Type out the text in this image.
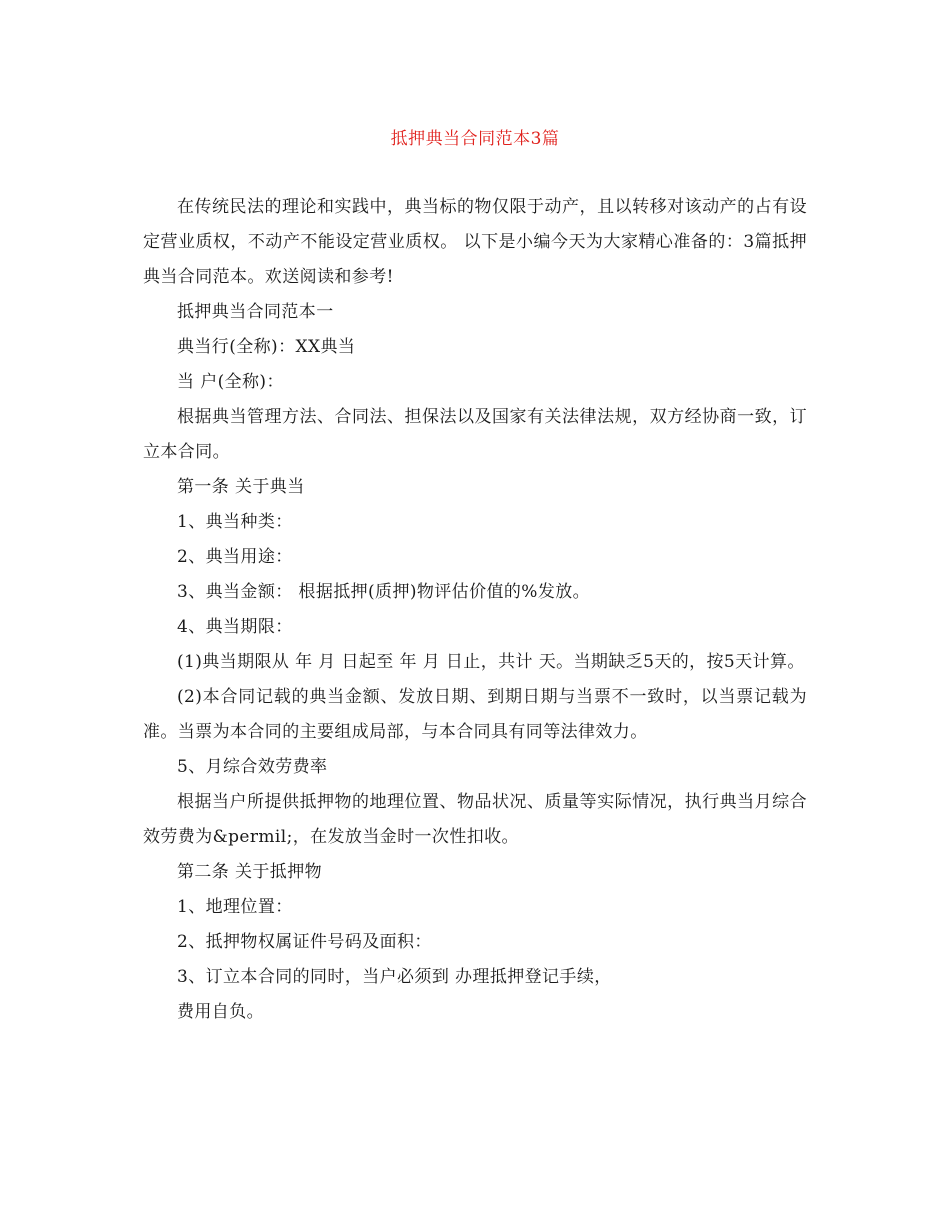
抵押典当合同范本3篇

在传统民法的理论和实践中，典当标的物仅限于动产，且以转移对该动产的占有设定营业质权，不动产不能设定营业质权。 以下是小编今天为大家精心准备的：3篇抵押典当合同范本。欢送阅读和参考!

抵押典当合同范本一

典当行(全称)：XX典当

当 户(全称)：

根据典当管理方法、合同法、担保法以及国家有关法律法规，双方经协商一致，订立本合同。

第一条 关于典当

1、典当种类：

2、典当用途：

3、典当金额： 根据抵押(质押)物评估价值的%发放。

4、典当期限：

(1)典当期限从 年 月 日起至 年 月 日止，共计 天。当期缺乏5天的，按5天计算。

(2)本合同记载的典当金额、发放日期、到期日期与当票不一致时，以当票记载为准。当票为本合同的主要组成局部，与本合同具有同等法律效力。

5、月综合效劳费率

根据当户所提供抵押物的地理位置、物品状况、质量等实际情况，执行典当月综合效劳费为&permil;，在发放当金时一次性扣收。

第二条 关于抵押物

1、地理位置：

2、抵押物权属证件号码及面积：

3、订立本合同的同时，当户必须到 办理抵押登记手续，

费用自负。
